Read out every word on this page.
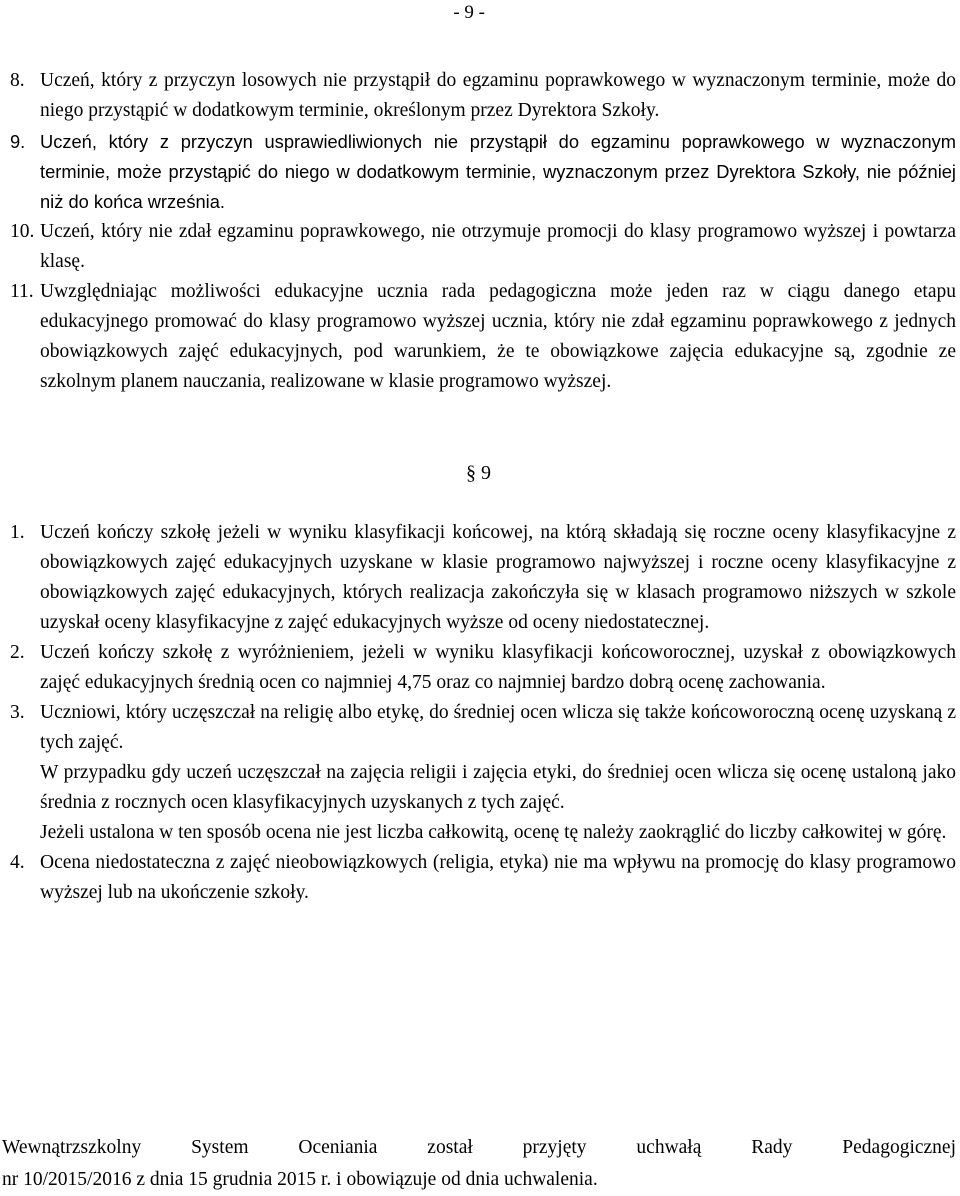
- 9 -
8. Uczeń, który z przyczyn losowych nie przystąpił do egzaminu poprawkowego w wyznaczonym terminie, może do niego przystąpić w dodatkowym terminie, określonym przez Dyrektora Szkoły.
9. Uczeń, który z przyczyn usprawiedliwionych nie przystąpił do egzaminu poprawkowego w wyznaczonym terminie, może przystąpić do niego w dodatkowym terminie, wyznaczonym przez Dyrektora Szkoły, nie później niż do końca września.
10. Uczeń, który nie zdał egzaminu poprawkowego, nie otrzymuje promocji do klasy programowo wyższej i powtarza klasę.
11. Uwzględniając możliwości edukacyjne ucznia rada pedagogiczna może jeden raz w ciągu danego etapu edukacyjnego promować do klasy programowo wyższej ucznia, który nie zdał egzaminu poprawkowego z jednych obowiązkowych zajęć edukacyjnych, pod warunkiem, że te obowiązkowe zajęcia edukacyjne są, zgodnie ze szkolnym planem nauczania, realizowane w klasie programowo wyższej.
§ 9
1. Uczeń kończy szkołę jeżeli w wyniku klasyfikacji końcowej, na którą składają się roczne oceny klasyfikacyjne z obowiązkowych zajęć edukacyjnych uzyskane w klasie programowo najwyższej i roczne oceny klasyfikacyjne z obowiązkowych zajęć edukacyjnych, których realizacja zakończyła się w klasach programowo niższych w szkole uzyskał oceny klasyfikacyjne z zajęć edukacyjnych wyższe od oceny niedostatecznej.
2. Uczeń kończy szkołę z wyróżnieniem, jeżeli w wyniku klasyfikacji końcoworocznej, uzyskał z obowiązkowych zajęć edukacyjnych średnią ocen co najmniej 4,75 oraz co najmniej bardzo dobrą ocenę zachowania.
3. Uczniowi, który uczęszczał na religię albo etykę, do średniej ocen wlicza się także końcoworoczną ocenę uzyskaną z tych zajęć.
W przypadku gdy uczeń uczęszczał na zajęcia religii i zajęcia etyki, do średniej ocen wlicza się ocenę ustaloną jako średnia z rocznych ocen klasyfikacyjnych uzyskanych z tych zajęć.
Jeżeli ustalona w ten sposób ocena nie jest liczba całkowitą, ocenę tę należy zaokrąglić do liczby całkowitej w górę.
4. Ocena niedostateczna z zajęć nieobowiązkowych (religia, etyka) nie ma wpływu na promocję do klasy programowo wyższej lub na ukończenie szkoły.
Wewnątrzszkolny System Oceniania został przyjęty uchwałą Rady Pedagogicznej
nr 10/2015/2016 z dnia 15 grudnia 2015 r. i obowiązuje od dnia uchwalenia.
